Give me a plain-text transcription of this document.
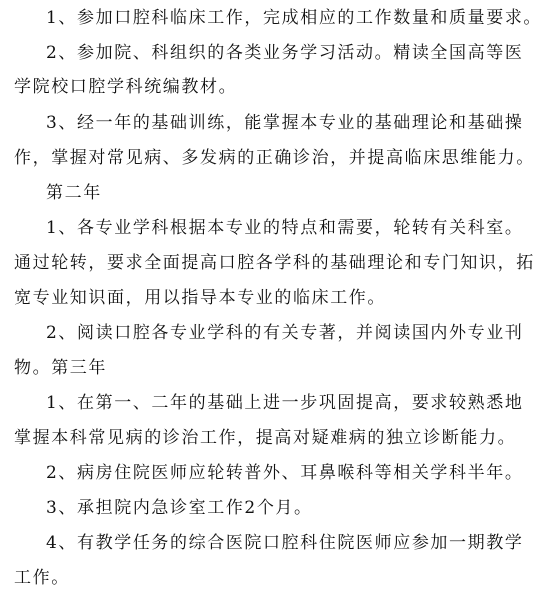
1、参加口腔科临床工作，完成相应的工作数量和质量要求。
2、参加院、科组织的各类业务学习活动。精读全国高等医
学院校口腔学科统编教材。
3、经一年的基础训练，能掌握本专业的基础理论和基础操
作，掌握对常见病、多发病的正确诊治，并提高临床思维能力。
第二年
1、各专业学科根据本专业的特点和需要，轮转有关科室。
通过轮转，要求全面提高口腔各学科的基础理论和专门知识，拓
宽专业知识面，用以指导本专业的临床工作。
2、阅读口腔各专业学科的有关专著，并阅读国内外专业刊
物。第三年
1、在第一、二年的基础上进一步巩固提高，要求较熟悉地
掌握本科常见病的诊治工作，提高对疑难病的独立诊断能力。
2、病房住院医师应轮转普外、耳鼻喉科等相关学科半年。
3、承担院内急诊室工作2个月。
4、有教学任务的综合医院口腔科住院医师应参加一期教学
工作。
